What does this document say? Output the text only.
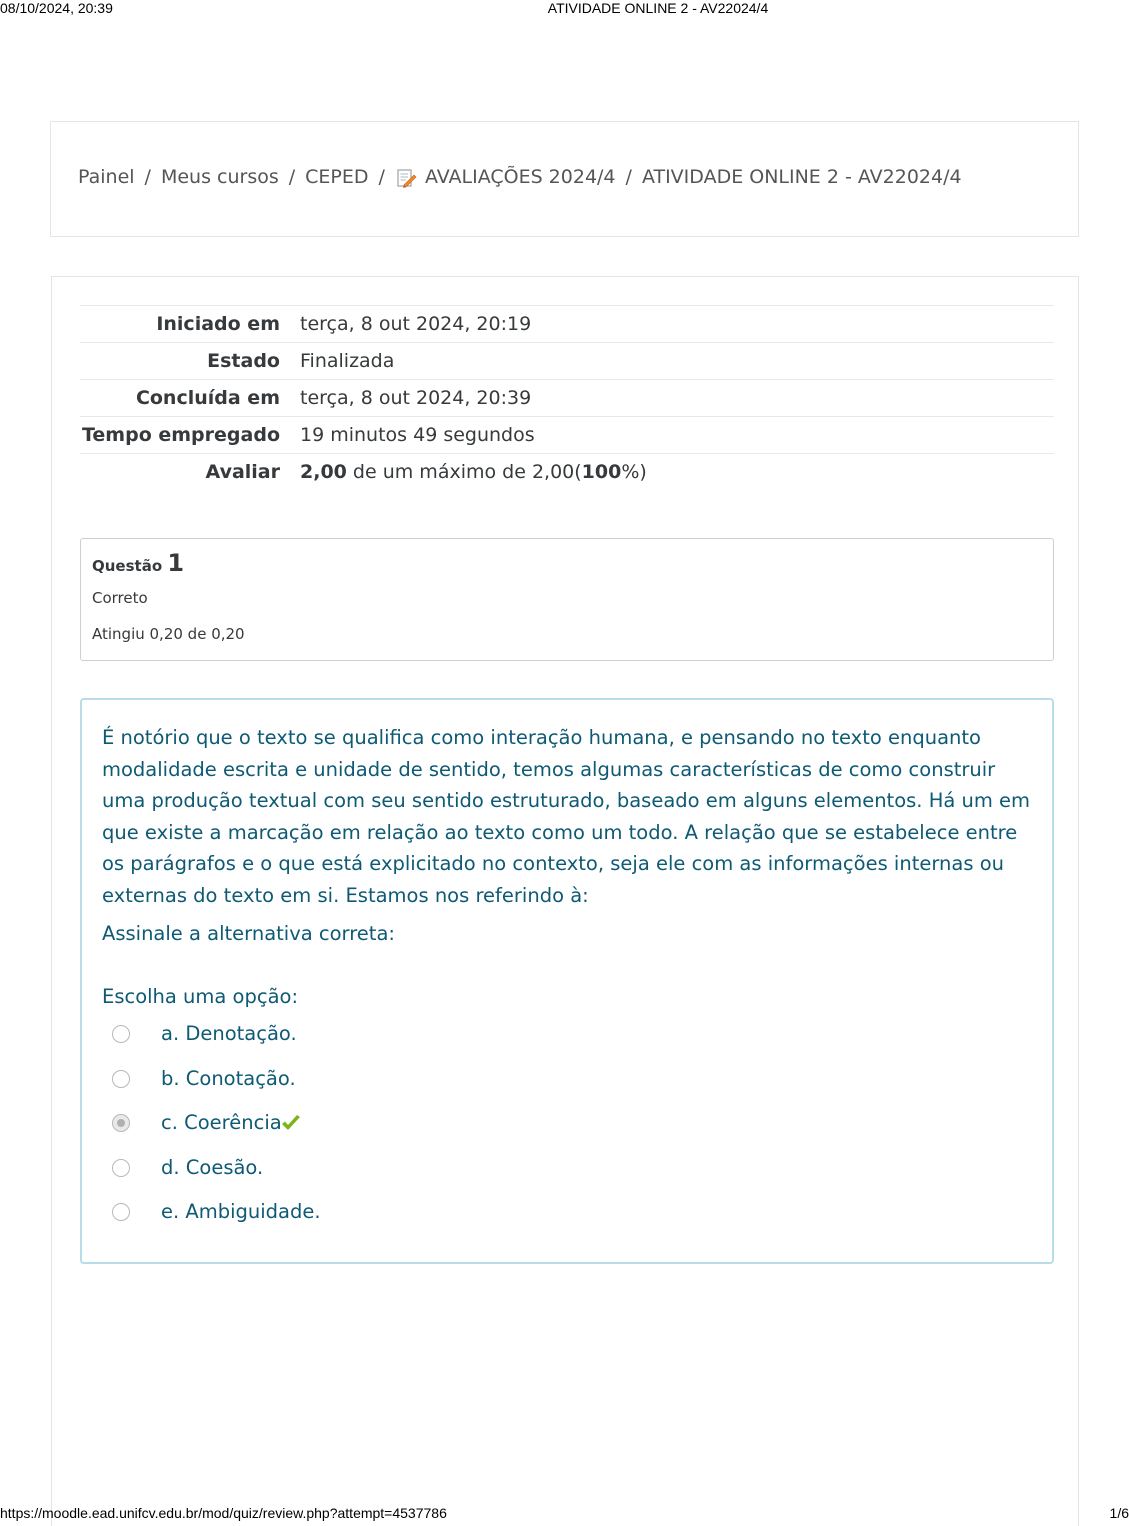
08/10/2024, 20:39	ATIVIDADE ONLINE 2 - AV22024/4
Painel / Meus cursos / CEPED /	AVALIAÇÕES 2024/4 / ATIVIDADE ONLINE 2 - AV22024/4
Iniciado em	terça, 8 out 2024, 20:19
Estado	Finalizada
Concluída em	terça, 8 out 2024, 20:39
Tempo empregado	19 minutos 49 segundos
Avaliar	2,00 de um máximo de 2,00(100%)
Questão 1
Correto
Atingiu 0,20 de 0,20
É notório que o texto se qualifica como interação humana, e pensando no texto enquanto modalidade escrita e unidade de sentido, temos algumas características de como construir uma produção textual com seu sentido estruturado, baseado em alguns elementos. Há um em que existe a marcação em relação ao texto como um todo. A relação que se estabelece entre os parágrafos e o que está explicitado no contexto, seja ele com as informações internas ou externas do texto em si. Estamos nos referindo à:
Assinale a alternativa correta:
Escolha uma opção:
a. Denotação.
b. Conotação.
c. Coerência
d. Coesão.
e. Ambiguidade.
https://moodle.ead.unifcv.edu.br/mod/quiz/review.php?attempt=4537786	1/6
